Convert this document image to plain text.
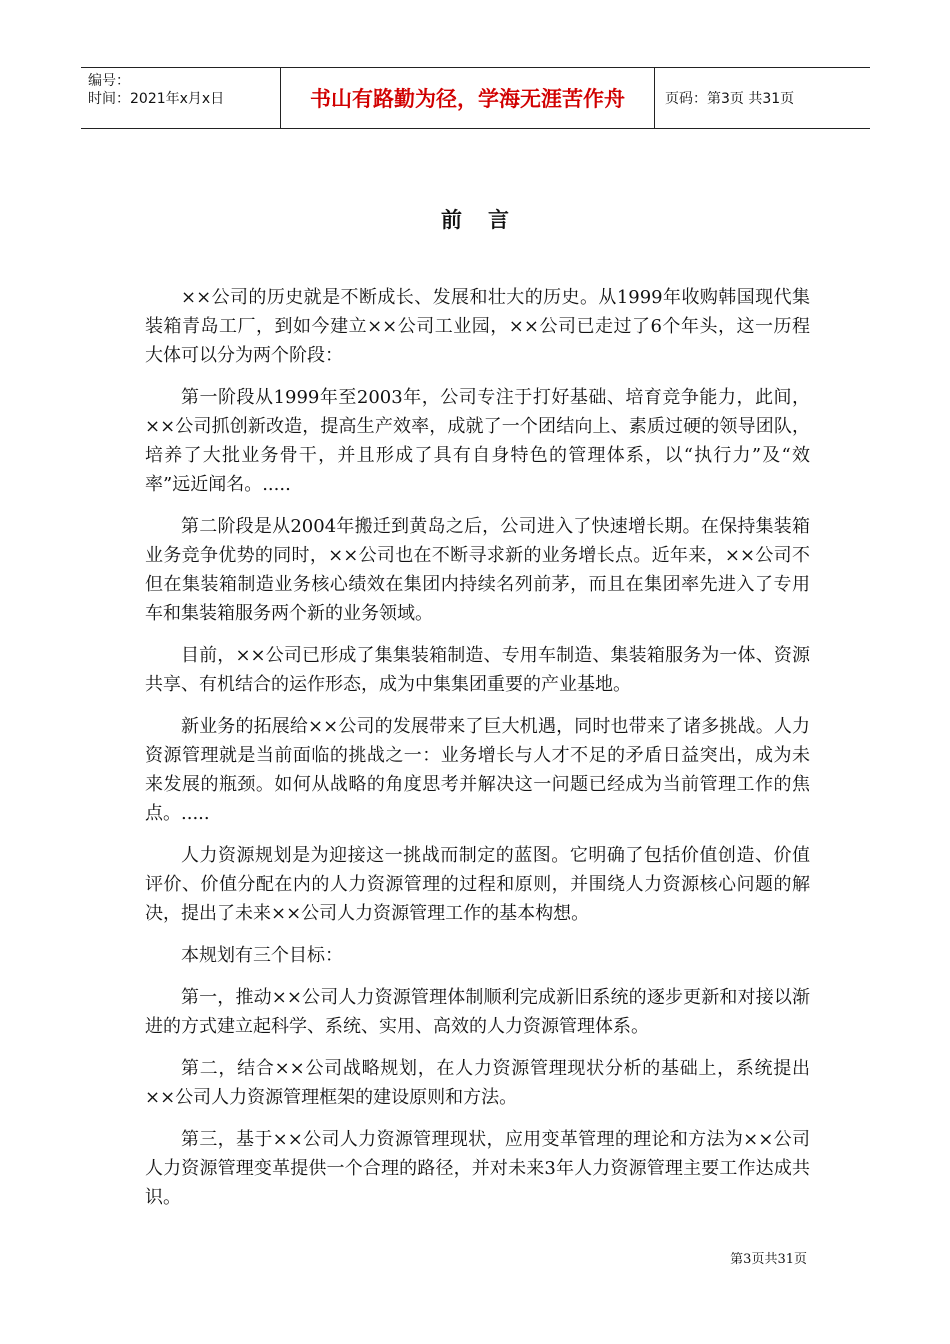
编号：
时间：2021年x月x日	书山有路勤为径，学海无涯苦作舟	页码：第3页 共31页
前言

××公司的历史就是不断成长、发展和壮大的历史。从1999年收购韩国现代集装箱青岛工厂，到如今建立××公司工业园，××公司已走过了6个年头，这一历程大体可以分为两个阶段：

第一阶段从1999年至2003年，公司专注于打好基础、培育竞争能力，此间，××公司抓创新改造，提高生产效率，成就了一个团结向上、素质过硬的领导团队，培养了大批业务骨干，并且形成了具有自身特色的管理体系，以“执行力”及“效率”远近闻名。.....

第二阶段是从2004年搬迁到黄岛之后，公司进入了快速增长期。在保持集装箱业务竞争优势的同时，××公司也在不断寻求新的业务增长点。近年来，××公司不但在集装箱制造业务核心绩效在集团内持续名列前茅，而且在集团率先进入了专用车和集装箱服务两个新的业务领域。

目前，××公司已形成了集集装箱制造、专用车制造、集装箱服务为一体、资源共享、有机结合的运作形态，成为中集集团重要的产业基地。

新业务的拓展给××公司的发展带来了巨大机遇，同时也带来了诸多挑战。人力资源管理就是当前面临的挑战之一：业务增长与人才不足的矛盾日益突出，成为未来发展的瓶颈。如何从战略的角度思考并解决这一问题已经成为当前管理工作的焦点。.....

人力资源规划是为迎接这一挑战而制定的蓝图。它明确了包括价值创造、价值评价、价值分配在内的人力资源管理的过程和原则，并围绕人力资源核心问题的解决，提出了未来××公司人力资源管理工作的基本构想。

本规划有三个目标：

第一，推动××公司人力资源管理体制顺利完成新旧系统的逐步更新和对接以渐进的方式建立起科学、系统、实用、高效的人力资源管理体系。

第二，结合××公司战略规划，在人力资源管理现状分析的基础上，系统提出××公司人力资源管理框架的建设原则和方法。

第三，基于××公司人力资源管理现状，应用变革管理的理论和方法为××公司人力资源管理变革提供一个合理的路径，并对未来3年人力资源管理主要工作达成共识。

第3页共31页
